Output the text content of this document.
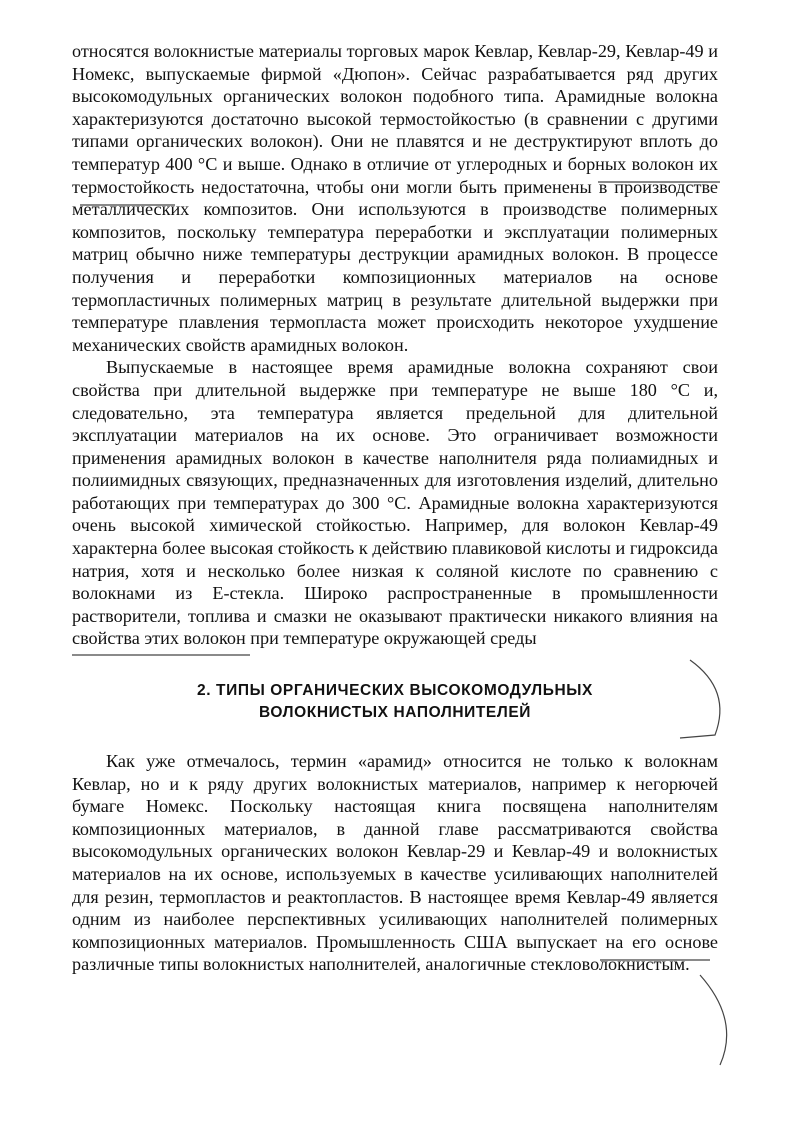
относятся волокнистые материалы торговых марок Кевлар, Кевлар-29, Кевлар-49 и Номекс, выпускаемые фирмой «Дюпон». Сейчас разрабатывается ряд других высокомодульных органических волокон подобного типа. Арамидные волокна характеризуются достаточно высокой термостойкостью (в сравнении с другими типами органических волокон). Они не плавятся и не деструктируют вплоть до температур 400 °С и выше. Однако в отличие от углеродных и борных волокон их термостойкость недостаточна, чтобы они могли быть применены в производстве металлических композитов. Они используются в производстве полимерных композитов, поскольку температура переработки и эксплуатации полимерных матриц обычно ниже температуры деструкции арамидных волокон. В процессе получения и переработки композиционных материалов на основе термопластичных полимерных матриц в результате длительной выдержки при температуре плавления термопласта может происходить некоторое ухудшение механических свойств арамидных волокон.

Выпускаемые в настоящее время арамидные волокна сохраняют свои свойства при длительной выдержке при температуре не выше 180 °С и, следовательно, эта температура является предельной для длительной эксплуатации материалов на их основе. Это ограничивает возможности применения арамидных волокон в качестве наполнителя ряда полиамидных и полиимидных связующих, предназначенных для изготовления изделий, длительно работающих при температурах до 300 °С. Арамидные волокна характеризуются очень высокой химической стойкостью. Например, для волокон Кевлар-49 характерна более высокая стойкость к действию плавиковой кислоты и гидроксида натрия, хотя и несколько более низкая к соляной кислоте по сравнению с волокнами из Е-стекла. Широко распространенные в промышленности растворители, топлива и смазки не оказывают практически никакого влияния на свойства этих волокон при температуре окружающей среды

2. ТИПЫ ОРГАНИЧЕСКИХ ВЫСОКОМОДУЛЬНЫХ
ВОЛОКНИСТЫХ НАПОЛНИТЕЛЕЙ

Как уже отмечалось, термин «арамид» относится не только к волокнам Кевлар, но и к ряду других волокнистых материалов, например к негорючей бумаге Номекс. Поскольку настоящая книга посвящена наполнителям композиционных материалов, в данной главе рассматриваются свойства высокомодульных органических волокон Кевлар-29 и Кевлар-49 и волокнистых материалов на их основе, используемых в качестве усиливающих наполнителей для резин, термопластов и реактопластов. В настоящее время Кевлар-49 является одним из наиболее перспективных усиливающих наполнителей полимерных композиционных материалов. Промышленность США выпускает на его основе различные типы волокнистых наполнителей, аналогичные стекловолокнистым.
